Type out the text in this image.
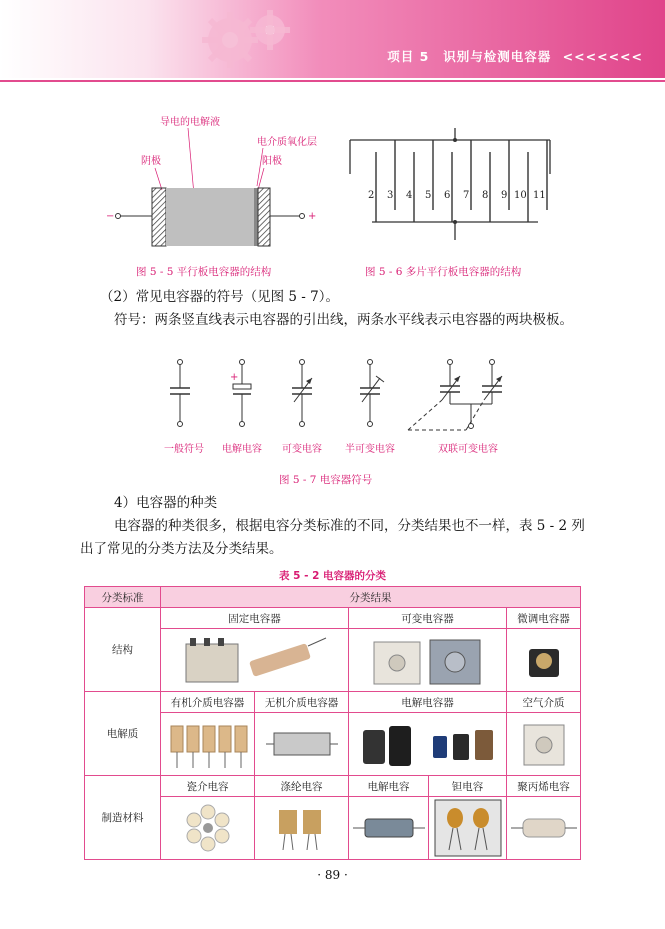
项目 5 识别与检测电容器 <<<<<<<
导电的电解液
电介质氧化层
阴极	阳极
−	+
图 5 - 5 平行板电容器的结构
2 3 4 5 6 7 8 9 10 11
图 5 - 6 多片平行板电容器的结构
（2）常见电容器的符号（见图 5 - 7）。
符号：两条竖直线表示电容器的引出线，两条水平线表示电容器的两块极板。
+
一般符号 电解电容 可变电容 半可变电容	双联可变电容
图 5 - 7 电容器符号
4）电容器的种类
电容器的种类很多，根据电容分类标准的不同，分类结果也不一样，表 5 - 2 列出了常见的分类方法及分类结果。
表 5 - 2 电容器的分类
分类标准	分类结果				
结构	固定电容器		可变电容器		微调电容器

电解质	有机介质电容器	无机介质电容器	电解电容器		空气介质

制造材料	瓷介电容	涤纶电容	电解电容	钽电容	聚丙烯电容

· 89 ·
